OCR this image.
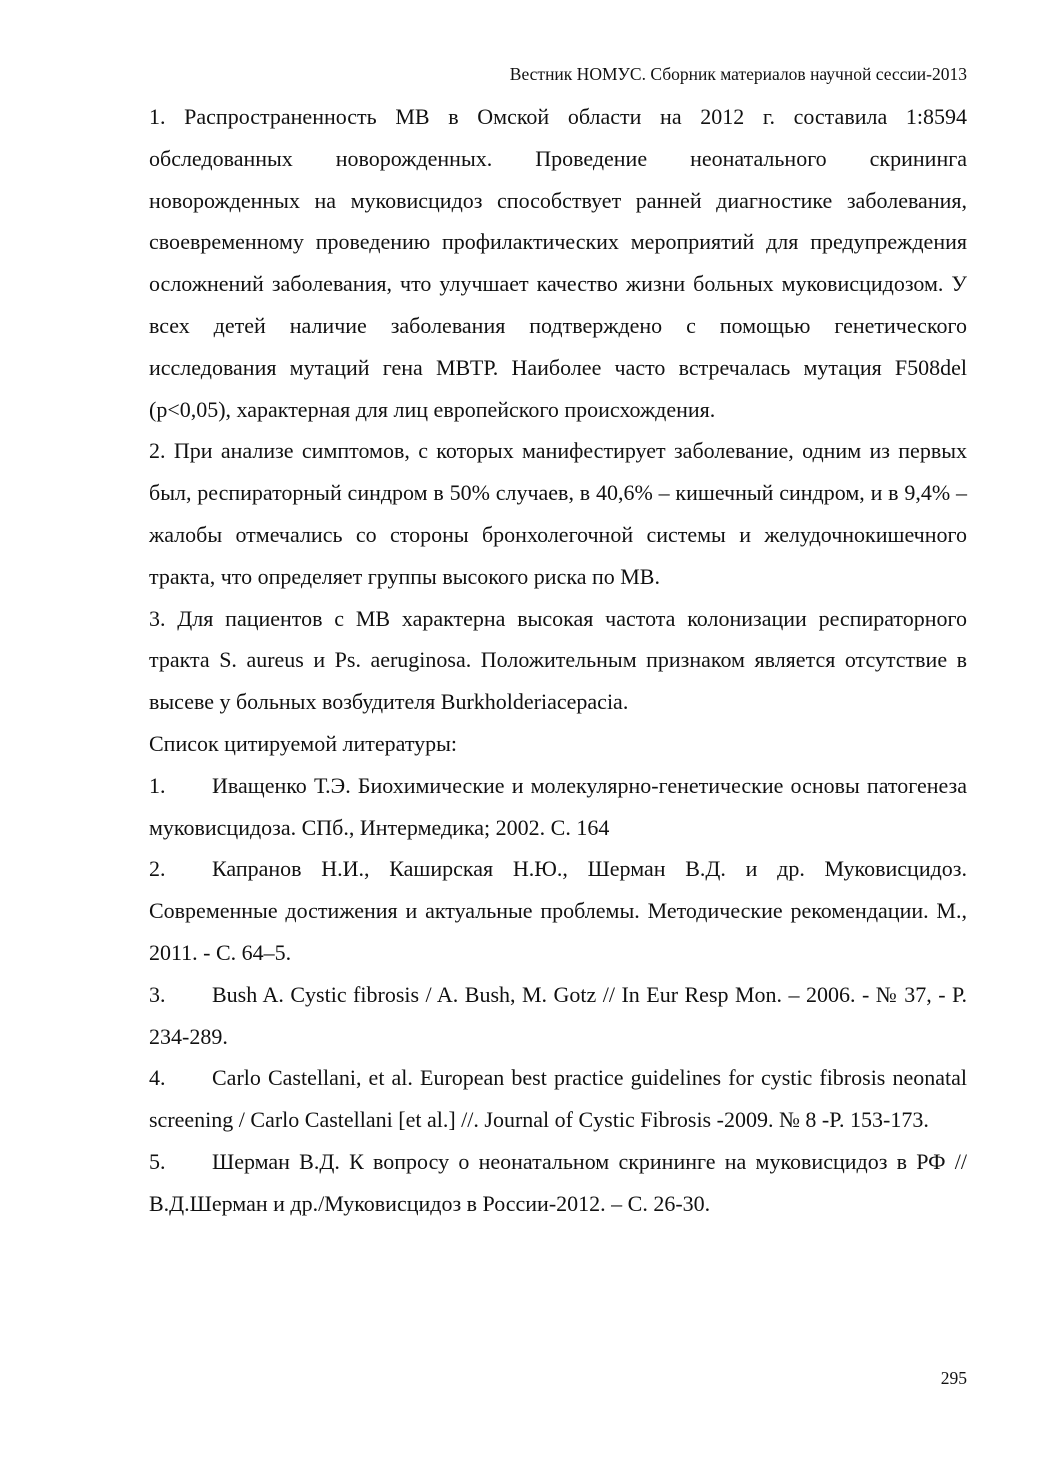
Вестник НОМУС. Сборник материалов научной сессии-2013

1. Распространенность МВ в Омской области на 2012 г. составила 1:8594 обследованных новорожденных. Проведение неонатального скрининга новорожденных на муковисцидоз способствует ранней диагностике заболевания, своевременному проведению профилактических мероприятий для предупреждения осложнений заболевания, что улучшает качество жизни больных муковисцидозом. У всех детей наличие заболевания подтверждено с помощью генетического исследования мутаций гена МВТР. Наиболее часто встречалась мутация F508del (p<0,05), характерная для лиц европейского происхождения.

2. При анализе симптомов, с которых манифестирует заболевание, одним из первых был, респираторный синдром в 50% случаев, в 40,6% – кишечный синдром, и в 9,4% – жалобы отмечались со стороны бронхолегочной системы и желудочнокишечного тракта, что определяет группы высокого риска по МВ.

3. Для пациентов с МВ характерна высокая частота колонизации респираторного тракта S. aureus и Ps. aeruginosa. Положительным признаком является отсутствие в высеве у больных возбудителя Burkholderiacepacia.

Список цитируемой литературы:

1. Иващенко Т.Э. Биохимические и молекулярно-генетические основы патогенеза муковисцидоза. СПб., Интермедика; 2002. С. 164

2. Капранов Н.И., Каширская Н.Ю., Шерман В.Д. и др. Муковисцидоз. Современные достижения и актуальные проблемы. Методические рекомендации. М., 2011. - С. 64–5.

3. Bush A. Cystic fibrosis / A. Bush, M. Gotz // In Eur Resp Mon. – 2006. - № 37, - Р. 234-289.

4. Carlo Castellani, et al. European best practice guidelines for cystic fibrosis neonatal screening / Carlo Castellani [et al.] //. Journal of Cystic Fibrosis -2009. № 8 -P. 153-173.

5. Шерман В.Д. К вопросу о неонатальном скрининге на муковисцидоз в РФ // В.Д.Шерман и др./Муковисцидоз в России-2012. – С. 26-30.

295
